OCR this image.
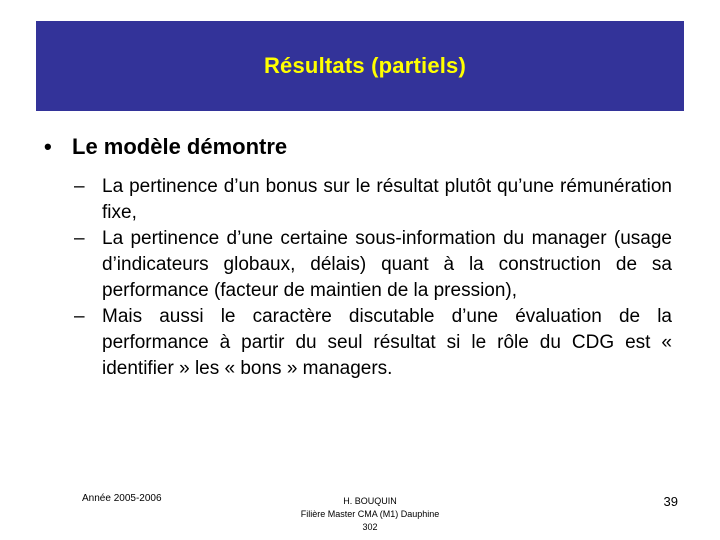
Résultats (partiels)
• Le modèle démontre
– La pertinence d’un bonus sur le résultat plutôt qu’une rémunération fixe,
– La pertinence d’une certaine sous-information du manager (usage d’indicateurs globaux, délais) quant à la construction de sa performance (facteur de maintien de la pression),
– Mais aussi le caractère discutable d’une évaluation de la performance à partir du seul résultat si le rôle du CDG est « identifier » les « bons » managers.
Année 2005-2006	H. BOUQUIN
Filière Master CMA (M1) Dauphine
302
39
